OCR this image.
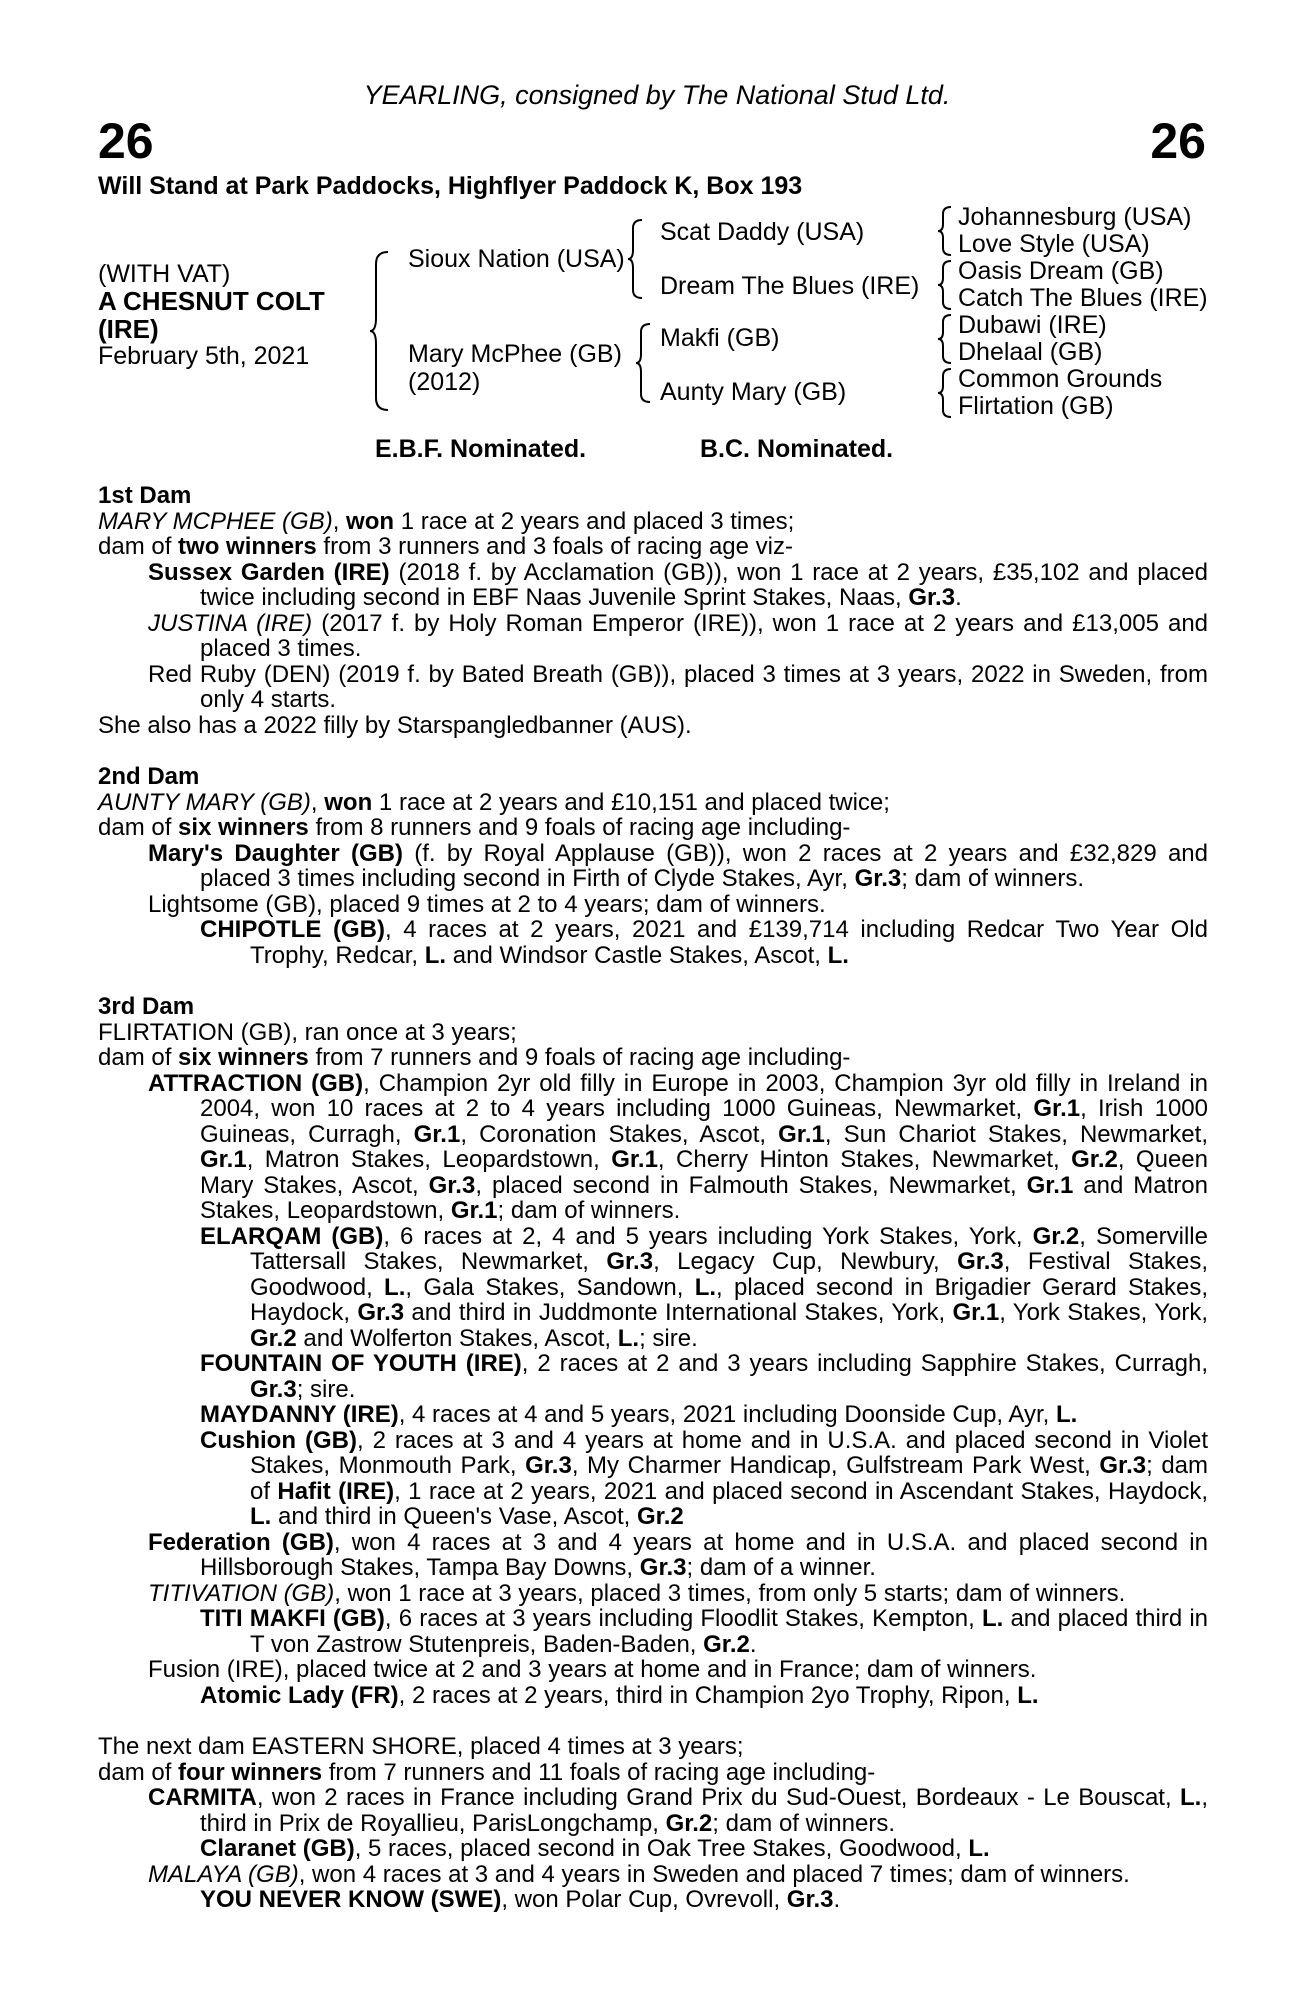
YEARLING, consigned by The National Stud Ltd.
26	26
Will Stand at Park Paddocks, Highflyer Paddock K, Box 193
(WITH VAT)
A CHESNUT COLT
(IRE)
February 5th, 2021
Sioux Nation (USA)
Mary McPhee (GB)
(2012)
Scat Daddy (USA)
Dream The Blues (IRE)
Makfi (GB)
Aunty Mary (GB)
Johannesburg (USA)
Love Style (USA)
Oasis Dream (GB)
Catch The Blues (IRE)
Dubawi (IRE)
Dhelaal (GB)
Common Grounds
Flirtation (GB)
E.B.F. Nominated.	B.C. Nominated.

1st Dam

MARY MCPHEE (GB), won 1 race at 2 years and placed 3 times;

dam of two winners from 3 runners and 3 foals of racing age viz-

Sussex Garden (IRE) (2018 f. by Acclamation (GB)), won 1 race at 2 years, £35,102 and placed twice including second in EBF Naas Juvenile Sprint Stakes, Naas, Gr.3.

JUSTINA (IRE) (2017 f. by Holy Roman Emperor (IRE)), won 1 race at 2 years and £13,005 and placed 3 times.

Red Ruby (DEN) (2019 f. by Bated Breath (GB)), placed 3 times at 3 years, 2022 in Sweden, from only 4 starts.

She also has a 2022 filly by Starspangledbanner (AUS).

2nd Dam

AUNTY MARY (GB), won 1 race at 2 years and £10,151 and placed twice;

dam of six winners from 8 runners and 9 foals of racing age including-

Mary's Daughter (GB) (f. by Royal Applause (GB)), won 2 races at 2 years and £32,829 and placed 3 times including second in Firth of Clyde Stakes, Ayr, Gr.3; dam of winners.

Lightsome (GB), placed 9 times at 2 to 4 years; dam of winners.

CHIPOTLE (GB), 4 races at 2 years, 2021 and £139,714 including Redcar Two Year Old Trophy, Redcar, L. and Windsor Castle Stakes, Ascot, L.

3rd Dam

FLIRTATION (GB), ran once at 3 years;

dam of six winners from 7 runners and 9 foals of racing age including-

ATTRACTION (GB), Champion 2yr old filly in Europe in 2003, Champion 3yr old filly in Ireland in 2004, won 10 races at 2 to 4 years including 1000 Guineas, Newmarket, Gr.1, Irish 1000 Guineas, Curragh, Gr.1, Coronation Stakes, Ascot, Gr.1, Sun Chariot Stakes, Newmarket, Gr.1, Matron Stakes, Leopardstown, Gr.1, Cherry Hinton Stakes, Newmarket, Gr.2, Queen Mary Stakes, Ascot, Gr.3, placed second in Falmouth Stakes, Newmarket, Gr.1 and Matron Stakes, Leopardstown, Gr.1; dam of winners.

ELARQAM (GB), 6 races at 2, 4 and 5 years including York Stakes, York, Gr.2, Somerville Tattersall Stakes, Newmarket, Gr.3, Legacy Cup, Newbury, Gr.3, Festival Stakes, Goodwood, L., Gala Stakes, Sandown, L., placed second in Brigadier Gerard Stakes, Haydock, Gr.3 and third in Juddmonte International Stakes, York, Gr.1, York Stakes, York, Gr.2 and Wolferton Stakes, Ascot, L.; sire.

FOUNTAIN OF YOUTH (IRE), 2 races at 2 and 3 years including Sapphire Stakes, Curragh, Gr.3; sire.

MAYDANNY (IRE), 4 races at 4 and 5 years, 2021 including Doonside Cup, Ayr, L.

Cushion (GB), 2 races at 3 and 4 years at home and in U.S.A. and placed second in Violet Stakes, Monmouth Park, Gr.3, My Charmer Handicap, Gulfstream Park West, Gr.3; dam of Hafit (IRE), 1 race at 2 years, 2021 and placed second in Ascendant Stakes, Haydock, L. and third in Queen's Vase, Ascot, Gr.2

Federation (GB), won 4 races at 3 and 4 years at home and in U.S.A. and placed second in Hillsborough Stakes, Tampa Bay Downs, Gr.3; dam of a winner.

TITIVATION (GB), won 1 race at 3 years, placed 3 times, from only 5 starts; dam of winners.

TITI MAKFI (GB), 6 races at 3 years including Floodlit Stakes, Kempton, L. and placed third in T von Zastrow Stutenpreis, Baden-Baden, Gr.2.

Fusion (IRE), placed twice at 2 and 3 years at home and in France; dam of winners.

Atomic Lady (FR), 2 races at 2 years, third in Champion 2yo Trophy, Ripon, L.

The next dam EASTERN SHORE, placed 4 times at 3 years;

dam of four winners from 7 runners and 11 foals of racing age including-

CARMITA, won 2 races in France including Grand Prix du Sud-Ouest, Bordeaux - Le Bouscat, L., third in Prix de Royallieu, ParisLongchamp, Gr.2; dam of winners.

Claranet (GB), 5 races, placed second in Oak Tree Stakes, Goodwood, L.

MALAYA (GB), won 4 races at 3 and 4 years in Sweden and placed 7 times; dam of winners.

YOU NEVER KNOW (SWE), won Polar Cup, Ovrevoll, Gr.3.
